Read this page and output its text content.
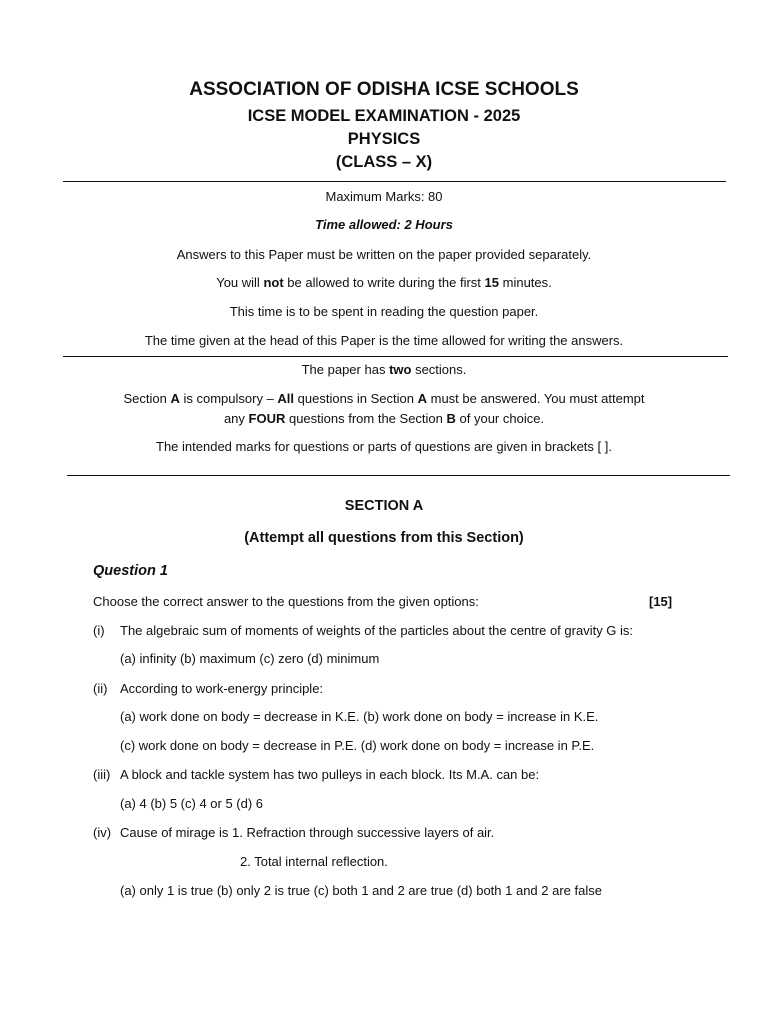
ASSOCIATION OF ODISHA ICSE SCHOOLS
ICSE MODEL EXAMINATION - 2025
PHYSICS
(CLASS – X)
Maximum Marks: 80
Time allowed: 2 Hours
Answers to this Paper must be written on the paper provided separately.
You will not be allowed to write during the first 15 minutes.
This time is to be spent in reading the question paper.
The time given at the head of this Paper is the time allowed for writing the answers.
The paper has two sections.
Section A is compulsory – All questions in Section A must be answered. You must attempt
any FOUR questions from the Section B of your choice.
The intended marks for questions or parts of questions are given in brackets [ ].
SECTION A
(Attempt all questions from this Section)
Question 1
Choose the correct answer to the questions from the given options:	[15]
(i) The algebraic sum of moments of weights of the particles about the centre of gravity G is:
(a) infinity (b) maximum (c) zero (d) minimum
(ii) According to work-energy principle:
(a) work done on body = decrease in K.E. (b) work done on body = increase in K.E.
(c) work done on body = decrease in P.E. (d) work done on body = increase in P.E.
(iii) A block and tackle system has two pulleys in each block. Its M.A. can be:
(a) 4 (b) 5 (c) 4 or 5 (d) 6
(iv) Cause of mirage is 1. Refraction through successive layers of air.
2. Total internal reflection.
(a) only 1 is true (b) only 2 is true (c) both 1 and 2 are true (d) both 1 and 2 are false
